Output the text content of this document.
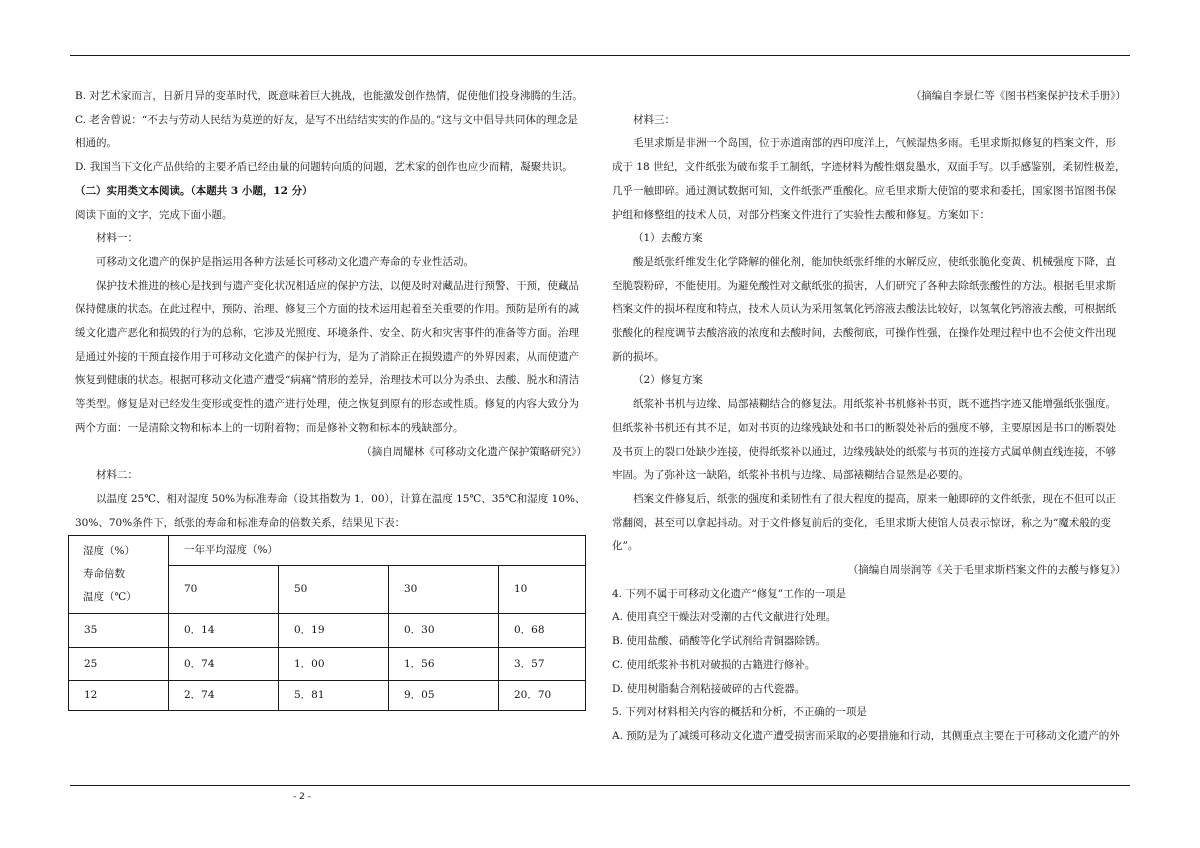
B. 对艺术家而言，日新月异的变革时代，既意味着巨大挑战，也能激发创作热情，促使他们投身沸腾的生活。

C. 老舍曾说：“不去与劳动人民结为莫逆的好友，是写不出结结实实的作品的。”这与文中倡导共同体的理念是相通的。

D. 我国当下文化产品供给的主要矛盾已经由量的问题转向质的问题，艺术家的创作也应少而精，凝聚共识。

（二）实用类文本阅读。（本题共 3 小题，12 分）

阅读下面的文字，完成下面小题。

材料一：

可移动文化遗产的保护是指运用各种方法延长可移动文化遗产寿命的专业性活动。

保护技术推进的核心是找到与遗产变化状况相适应的保护方法，以便及时对藏品进行预警、干预，使藏品保持健康的状态。在此过程中，预防、治理、修复三个方面的技术运用起着至关重要的作用。预防是所有的减缓文化遗产恶化和损毁的行为的总称，它涉及光照度、环境条件、安全、防火和灾害事件的准备等方面。治理是通过外接的干预直接作用于可移动文化遗产的保护行为，是为了消除正在损毁遗产的外界因素，从而使遗产恢复到健康的状态。根据可移动文化遗产遭受“病痛”情形的差异，治理技术可以分为杀虫、去酸、脱水和清洁等类型。修复是对已经发生变形或变性的遗产进行处理，使之恢复到原有的形态或性质。修复的内容大致分为两个方面：一是清除文物和标本上的一切附着物；而是修补文物和标本的残缺部分。

（摘自周耀林《可移动文化遗产保护策略研究》）

材料二：

以温度 25℃、相对湿度 50%为标准寿命（设其指数为 1．00），计算在温度 15℃、35℃和湿度 10%、30%、70%条件下，纸张的寿命和标准寿命的倍数关系，结果见下表：

湿度（%）
寿命倍数
温度（℃）	一年平均湿度（%）			
	70	50	30	10
35	0．14	0．19	0．30	0．68
25	0．74	1．00	1．56	3．57
12	2．74	5．81	9．05	20．70

（摘编自李景仁等《图书档案保护技术手册》）

材料三：

毛里求斯是非洲一个岛国，位于赤道南部的西印度洋上，气候湿热多雨。毛里求斯拟修复的档案文件，形成于 18 世纪，文件纸张为破布浆手工制纸，字迹材料为酸性烟炱墨水，双面手写。以手感鉴别，柔韧性极差，几乎一触即碎。通过测试数据可知，文件纸张严重酸化。应毛里求斯大使馆的要求和委托，国家图书馆图书保护组和修整组的技术人员，对部分档案文件进行了实验性去酸和修复。方案如下：

（1）去酸方案

酸是纸张纤维发生化学降解的催化剂，能加快纸张纤维的水解反应，使纸张脆化变黄、机械强度下降，直至脆裂粉碎，不能使用。为避免酸性对文献纸张的损害，人们研究了各种去除纸张酸性的方法。根据毛里求斯档案文件的损坏程度和特点，技术人员认为采用氢氧化钙溶液去酸法比较好，以氢氧化钙溶液去酸，可根据纸张酸化的程度调节去酸溶液的浓度和去酸时间，去酸彻底，可操作性强，在操作处理过程中也不会使文件出现新的损坏。

（2）修复方案

纸浆补书机与边缘、局部裱糊结合的修复法。用纸浆补书机修补书页，既不遮挡字迹又能增强纸张强度。但纸浆补书机还有其不足，如对书页的边缘残缺处和书口的断裂处补后的强度不够，主要原因是书口的断裂处及书页上的裂口处缺少连接，使得纸浆补以通过，边缘残缺处的纸浆与书页的连接方式属单侧直线连接，不够牢固。为了弥补这一缺陷，纸浆补书机与边缘、局部裱糊结合显然是必要的。

档案文件修复后，纸张的强度和柔韧性有了很大程度的提高，原来一触即碎的文件纸张，现在不但可以正常翻阅，甚至可以拿起抖动。对于文件修复前后的变化，毛里求斯大使馆人员表示惊讶，称之为“魔术般的变化”。

（摘编自周崇润等《关于毛里求斯档案文件的去酸与修复》）

4. 下列不属于可移动文化遗产“修复”工作的一项是

A. 使用真空干燥法对受潮的古代文献进行处理。

B. 使用盐酸、硝酸等化学试剂给青铜器除锈。

C. 使用纸浆补书机对破损的古籍进行修补。

D. 使用树脂黏合剂粘接破碎的古代瓷器。

5. 下列对材料相关内容的概括和分析，不正确的一项是

A. 预防是为了减缓可移动文化遗产遭受损害而采取的必要措施和行动，其侧重点主要在于可移动文化遗产的外

- 2 -
